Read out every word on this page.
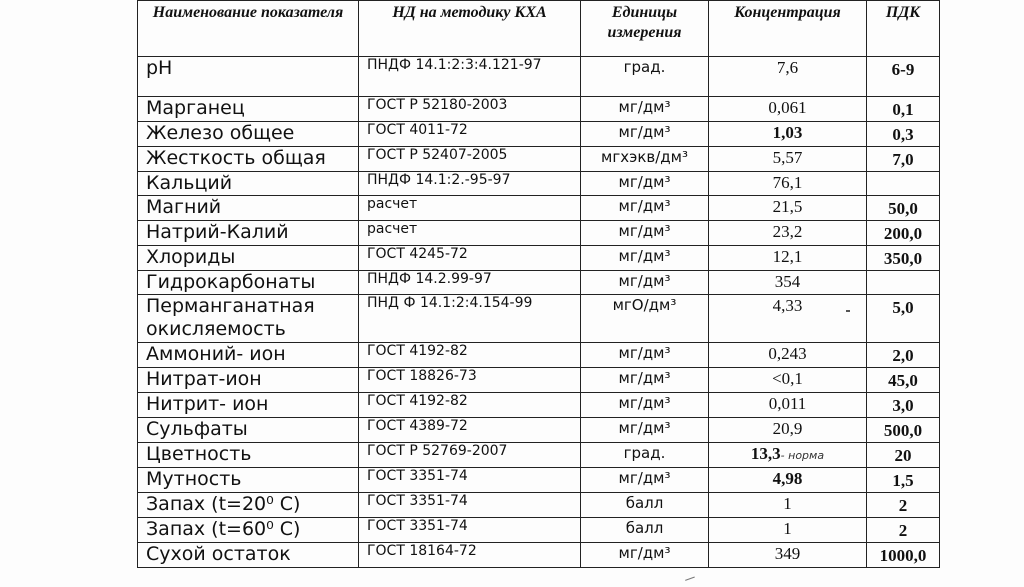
Наименование показателя	НД на методику КХА	Единицы измерения	Концентрация	ПДК
pH	ПНДФ 14.1:2:3:4.121-97	град.	7,6	6-9

Марганец	ГОСТ Р 52180-2003	мг/дм³	0,061	0,1

Железо общее	ГОСТ 4011-72	мг/дм³	1,03	0,3

Жесткость общая	ГОСТ Р 52407-2005	мгхэкв/дм³	5,57	7,0

Кальций	ПНДФ 14.1:2.-95-97	мг/дм³	76,1	

Магний	расчет	мг/дм³	21,5	50,0

Натрий-Калий	расчет	мг/дм³	23,2	200,0

Хлориды	ГОСТ 4245-72	мг/дм³	12,1	350,0

Гидрокарбонаты	ПНДФ 14.2.99-97	мг/дм³	354	

Перманганатная окисляемость	ПНД Ф 14.1:2:4.154-99	мгО/дм³	4,33	5,0

Аммоний- ион	ГОСТ 4192-82	мг/дм³	0,243	2,0

Нитрат-ион	ГОСТ 18826-73	мг/дм³	<0,1	45,0

Нитрит- ион	ГОСТ 4192-82	мг/дм³	0,011	3,0

Сульфаты	ГОСТ 4389-72	мг/дм³	20,9	500,0

Цветность	ГОСТ Р 52769-2007	град.	13,3- норма	20

Мутность	ГОСТ 3351-74	мг/дм³	4,98	1,5

Запах (t=20⁰ С)	ГОСТ 3351-74	балл	1	2

Запах (t=60⁰ С)	ГОСТ 3351-74	балл	1	2

Сухой остаток	ГОСТ 18164-72	мг/дм³	349	1000,0
